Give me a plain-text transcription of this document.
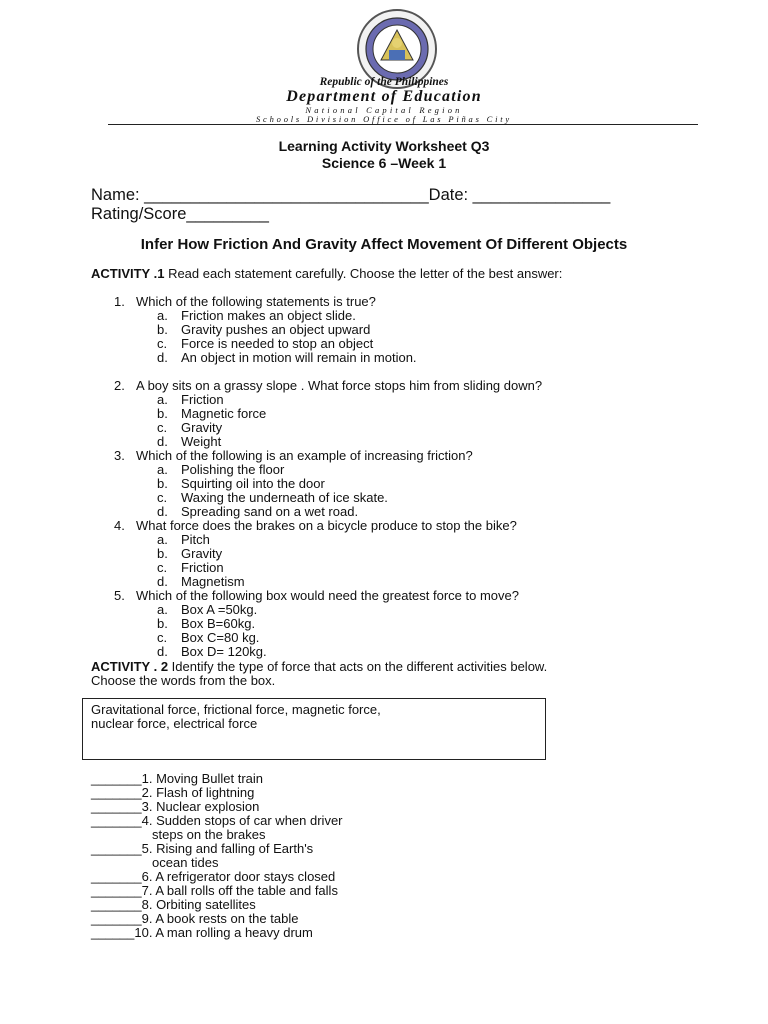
Republic of the Philippines

Department of Education

National Capital Region

Schools Division Office of Las Piñas City

Learning Activity Worksheet Q3

Science 6 –Week 1

Name: _______________________________Date: _______________

Rating/Score_________

Infer How Friction And Gravity Affect Movement Of Different Objects

ACTIVITY .1 Read each statement carefully. Choose the letter of the best answer:

1. Which of the following statements is true?

a. Friction makes an object slide.

b. Gravity pushes an object upward

c. Force is needed to stop an object

d. An object in motion will remain in motion.

2. A boy sits on a grassy slope . What force stops him from sliding down?

a. Friction

b. Magnetic force

c. Gravity

d. Weight

3. Which of the following is an example of increasing friction?

a. Polishing the floor

b. Squirting oil into the door

c. Waxing the underneath of ice skate.

d. Spreading sand on a wet road.

4. What force does the brakes on a bicycle produce to stop the bike?

a. Pitch

b. Gravity

c. Friction

d. Magnetism

5. Which of the following box would need the greatest force to move?

a. Box A =50kg.

b. Box B=60kg.

c. Box C=80 kg.

d. Box D= 120kg.

ACTIVITY . 2 Identify the type of force that acts on the different activities below.

Choose the words from the box.

Gravitational force, frictional force, magnetic force,

nuclear force, electrical force

_______1. Moving Bullet train

_______2. Flash of lightning

_______3. Nuclear explosion

_______4. Sudden stops of car when driver

steps on the brakes

_______5. Rising and falling of Earth's

ocean tides

_______6. A refrigerator door stays closed

_______7. A ball rolls off the table and falls

_______8. Orbiting satellites

_______9. A book rests on the table

______10. A man rolling a heavy drum
